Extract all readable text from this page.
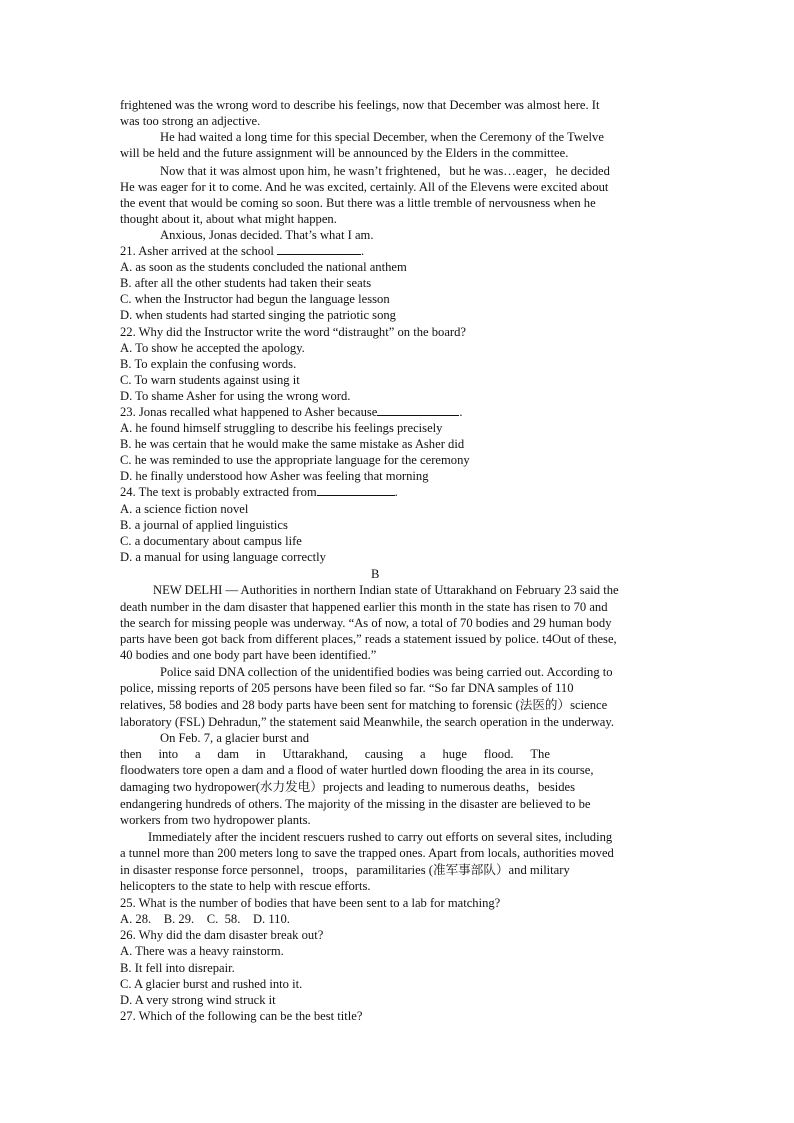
frightened was the wrong word to describe his feelings, now that December was almost here. It
was too strong an adjective.
He had waited a long time for this special December, when the Ceremony of the Twelve
will be held and the future assignment will be announced by the Elders in the committee.
Now that it was almost upon him, he wasn’t frightened，but he was…eager，he decided
He was eager for it to come. And he was excited, certainly. All of the Elevens were excited about
the event that would be coming so soon. But there was a little tremble of nervousness when he
thought about it, about what might happen.
Anxious, Jonas decided. That’s what I am.
21. Asher arrived at the school	.
A. as soon as the students concluded the national anthem
B. after all the other students had taken their seats
C. when the Instructor had begun the language lesson
D. when students had started singing the patriotic song
22. Why did the Instructor write the word “distraught” on the board?
A. To show he accepted the apology.
B. To explain the confusing words.
C. To warn students against using it
D. To shame Asher for using the wrong word.
23. Jonas recalled what happened to Asher because	.
A. he found himself struggling to describe his feelings precisely
B. he was certain that he would make the same mistake as Asher did
C. he was reminded to use the appropriate language for the ceremony
D. he finally understood how Asher was feeling that morning
24. The text is probably extracted from	.
A. a science fiction novel
B. a journal of applied linguistics
C. a documentary about campus life
D. a manual for using language correctly
B
NEW DELHI — Authorities in northern Indian state of Uttarakhand on February 23 said the
death number in the dam disaster that happened earlier this month in the state has risen to 70 and
the search for missing people was underway. “As of now, a total of 70 bodies and 29 human body
parts have been got back from different places,” reads a statement issued by police. t4Out of these,
40 bodies and one body part have been identified.”
Police said DNA collection of the unidentified bodies was being carried out. According to
police, missing reports of 205 persons have been filed so far. “So far DNA samples of 110
relatives, 58 bodies and 28 body parts have been sent for matching to forensic (法医的）science
laboratory (FSL) Dehradun,” the statement said Meanwhile, the search operation in the underway.
On Feb. 7, a glacier burst and
then into a dam in Uttarakhand, causing a huge flood. The
floodwaters tore open a dam and a flood of water hurtled down flooding the area in its course,
damaging two hydropower(水力发电）projects and leading to numerous deaths，besides
endangering hundreds of others. The majority of the missing in the disaster are believed to be
workers from two hydropower plants.
Immediately after the incident rescuers rushed to carry out efforts on several sites, including
a tunnel more than 200 meters long to save the trapped ones. Apart from locals, authorities moved
in disaster response force personnel，troops，paramilitaries (准军事部队）and military
helicopters to the state to help with rescue efforts.
25. What is the number of bodies that have been sent to a lab for matching?
A. 28.    B. 29.    C.  58.    D. 110.
26. Why did the dam disaster break out?
A. There was a heavy rainstorm.
B. It fell into disrepair.
C. A glacier burst and rushed into it.
D. A very strong wind struck it
27. Which of the following can be the best title?
